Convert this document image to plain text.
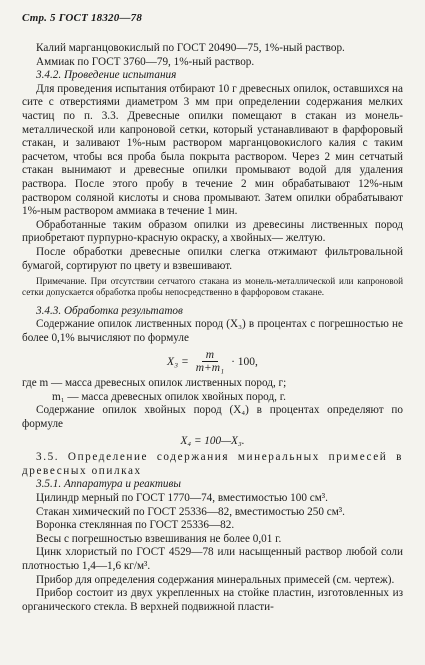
Стр. 5 ГОСТ 18320—78

Калий марганцовокислый по ГОСТ 20490—75, 1%-ный раствор.

Аммиак по ГОСТ 3760—79, 1%-ный раствор.

3.4.2. Проведение испытания

Для проведения испытания отбирают 10 г древесных опилок, оставшихся на сите с отверстиями диаметром 3 мм при определении содержания мелких частиц по п. 3.3. Древесные опилки помещают в стакан из монель-металлической или капроновой сетки, который устанавливают в фарфоровый стакан, и заливают 1%-ным раствором марганцовокислого калия с таким расчетом, чтобы вся проба была покрыта раствором. Через 2 мин сетчатый стакан вынимают и древесные опилки промывают водой для удаления раствора. После этого пробу в течение 2 мин обрабатывают 12%-ным раствором соляной кислоты и снова промывают. Затем опилки обрабатывают 1%-ным раствором аммиака в течение 1 мин.

Обработанные таким образом опилки из древесины лиственных пород приобретают пурпурно-красную окраску, а хвойных— желтую.

После обработки древесные опилки слегка отжимают фильтровальной бумагой, сортируют по цвету и взвешивают.

Примечание. При отсутствии сетчатого стакана из монель-металлической или капроновой сетки допускается обработка пробы непосредственно в фарфоровом стакане.

3.4.3. Обработка результатов

Содержание опилок лиственных пород (X₃) в процентах с погрешностью не более 0,1% вычисляют по формуле

$X_3 = \frac{m}{\text{m+m₁}} \cdot 100$,

где m — масса древесных опилок лиственных пород, г;

m₁ — масса древесных опилок хвойных пород, г.

Содержание опилок хвойных пород (X₄) в процентах определяют по формуле

X₄ = 100—X₃.

3.5. Определение содержания минеральных примесей в древесных опилках

3.5.1. Аппаратура и реактивы

Цилиндр мерный по ГОСТ 1770—74, вместимостью 100 см³.

Стакан химический по ГОСТ 25336—82, вместимостью 250 см³.

Воронка стеклянная по ГОСТ 25336—82.

Весы с погрешностью взвешивания не более 0,01 г.

Цинк хлористый по ГОСТ 4529—78 или насыщенный раствор любой соли плотностью 1,4—1,6 кг/м³.

Прибор для определения содержания минеральных примесей (см. чертеж).

Прибор состоит из двух укрепленных на стойке пластин, изготовленных из органического стекла. В верхней подвижной пласти-
